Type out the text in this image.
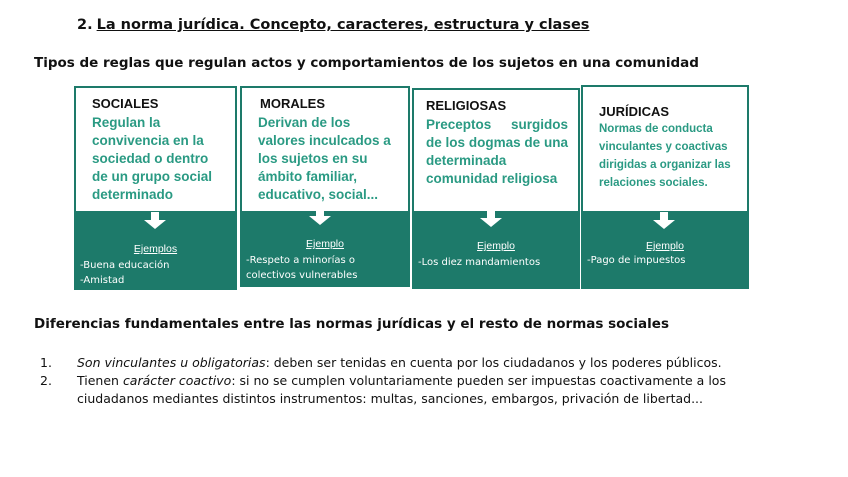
2. La norma jurídica. Concepto, caracteres, estructura y clases
Tipos de reglas que regulan actos y comportamientos de los sujetos en una comunidad
SOCIALES
Regulan la convivencia en la sociedad o dentro de un grupo social determinado
Ejemplos
-Buena educación
-Amistad
MORALES
Derivan de los valores inculcados a los sujetos en su ámbito familiar, educativo, social...
Ejemplo
-Respeto a minorías o colectivos vulnerables
RELIGIOSAS
Preceptos surgidos de los dogmas de una determinada comunidad religiosa
Ejemplo
-Los diez mandamientos
JURÍDICAS
Normas de conducta vinculantes y coactivas dirigidas a organizar las relaciones sociales.
Ejemplo
-Pago de impuestos
Diferencias fundamentales entre las normas jurídicas y el resto de normas sociales
1. Son vinculantes u obligatorias: deben ser tenidas en cuenta por los ciudadanos y los poderes públicos.
2. Tienen carácter coactivo: si no se cumplen voluntariamente pueden ser impuestas coactivamente a los ciudadanos mediantes distintos instrumentos: multas, sanciones, embargos, privación de libertad...
